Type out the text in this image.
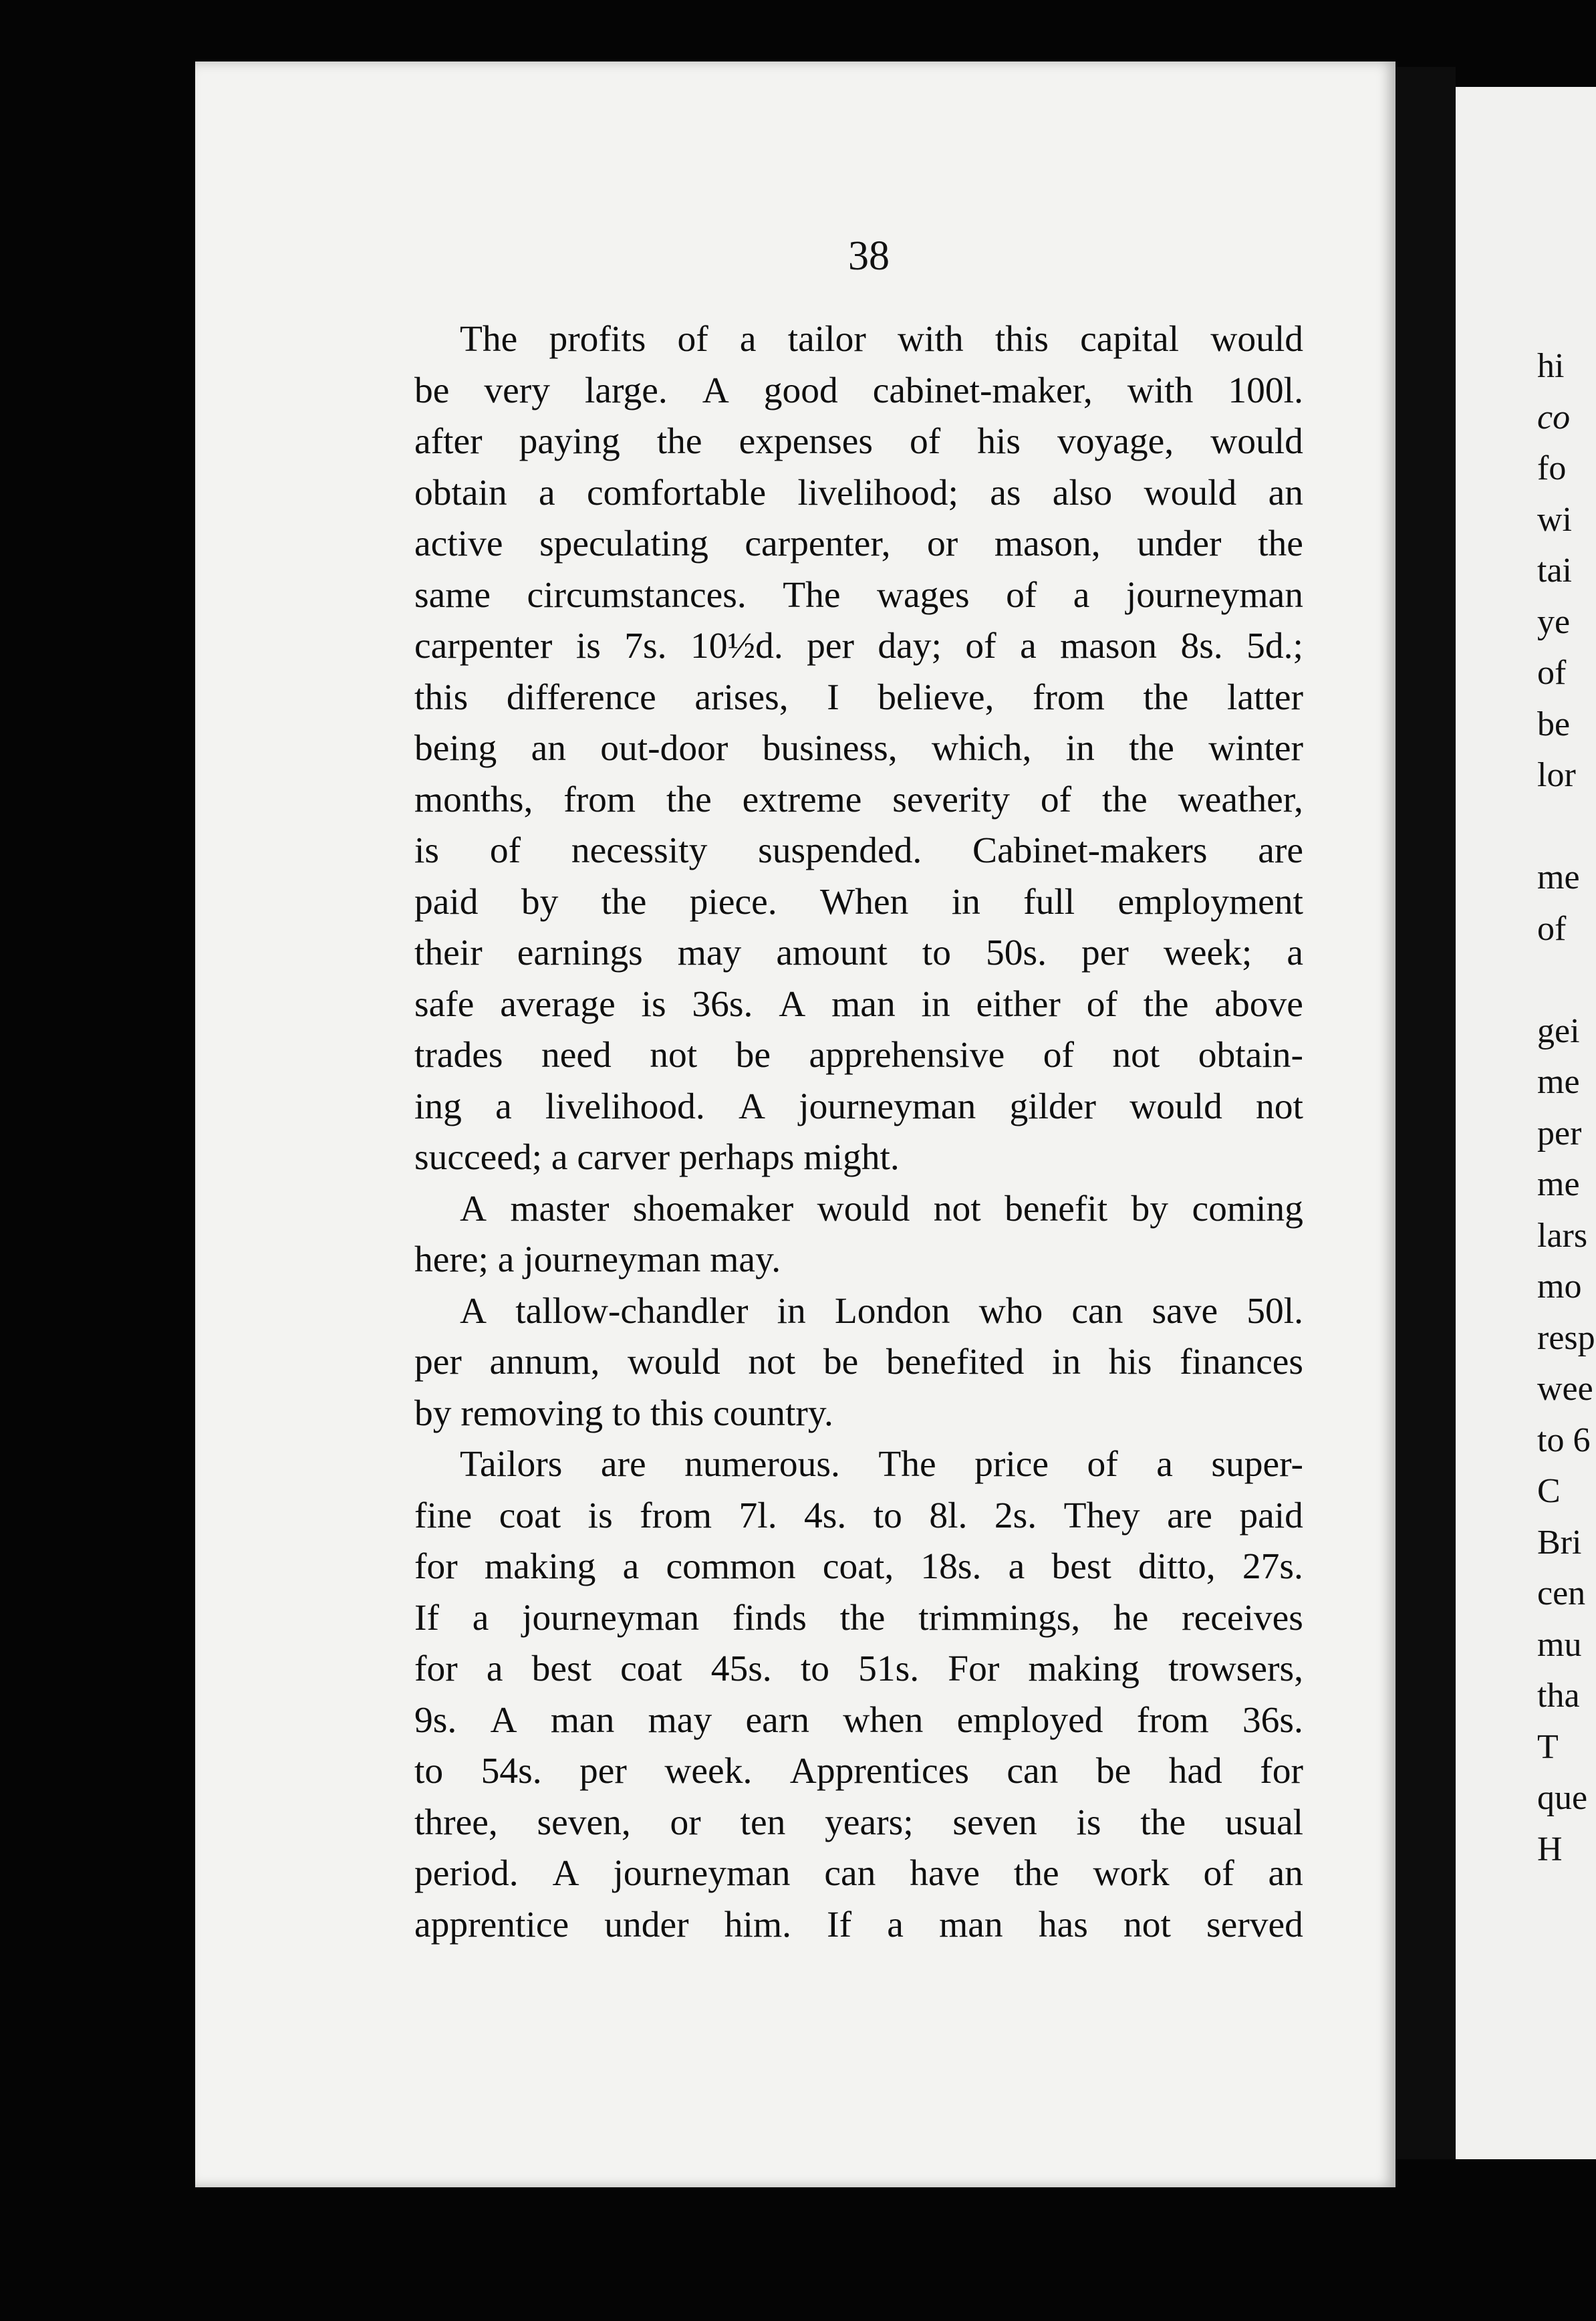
38
The profits of a tailor with this capital would
be very large. A good cabinet-maker, with 100l.
after paying the expenses of his voyage, would
obtain a comfortable livelihood; as also would an
active speculating carpenter, or mason, under the
same circumstances. The wages of a journeyman
carpenter is 7s. 10½d. per day; of a mason 8s. 5d.;
this difference arises, I believe, from the latter
being an out-door business, which, in the winter
months, from the extreme severity of the weather,
is of necessity suspended. Cabinet-makers are
paid by the piece. When in full employment
their earnings may amount to 50s. per week; a
safe average is 36s. A man in either of the above
trades need not be apprehensive of not obtain-
ing a livelihood. A journeyman gilder would not
succeed; a carver perhaps might.
A master shoemaker would not benefit by coming
here; a journeyman may.
A tallow-chandler in London who can save 50l.
per annum, would not be benefited in his finances
by removing to this country.
Tailors are numerous. The price of a super-
fine coat is from 7l. 4s. to 8l. 2s. They are paid
for making a common coat, 18s. a best ditto, 27s.
If a journeyman finds the trimmings, he receives
for a best coat 45s. to 51s. For making trowsers,
9s. A man may earn when employed from 36s.
to 54s. per week. Apprentices can be had for
three, seven, or ten years; seven is the usual
period. A journeyman can have the work of an
apprentice under him. If a man has not served
hi
co
fo
wi
tai
ye
of
be
lor
me
of
gei
me
per
me
lars
mo
resp
wee
to 6
C
Bri
cen
mu
tha
T
que
H
